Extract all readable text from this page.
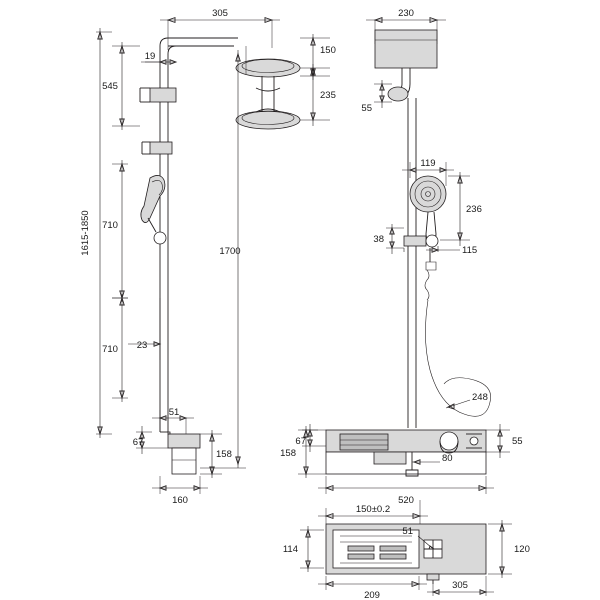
305
19
150
235
545
710
710 23
1700
51
67
158
160
230
55
119
236
38
115
248
67
158	80
55
520
150±0.2
51
114	120
209
305
1615-1850
